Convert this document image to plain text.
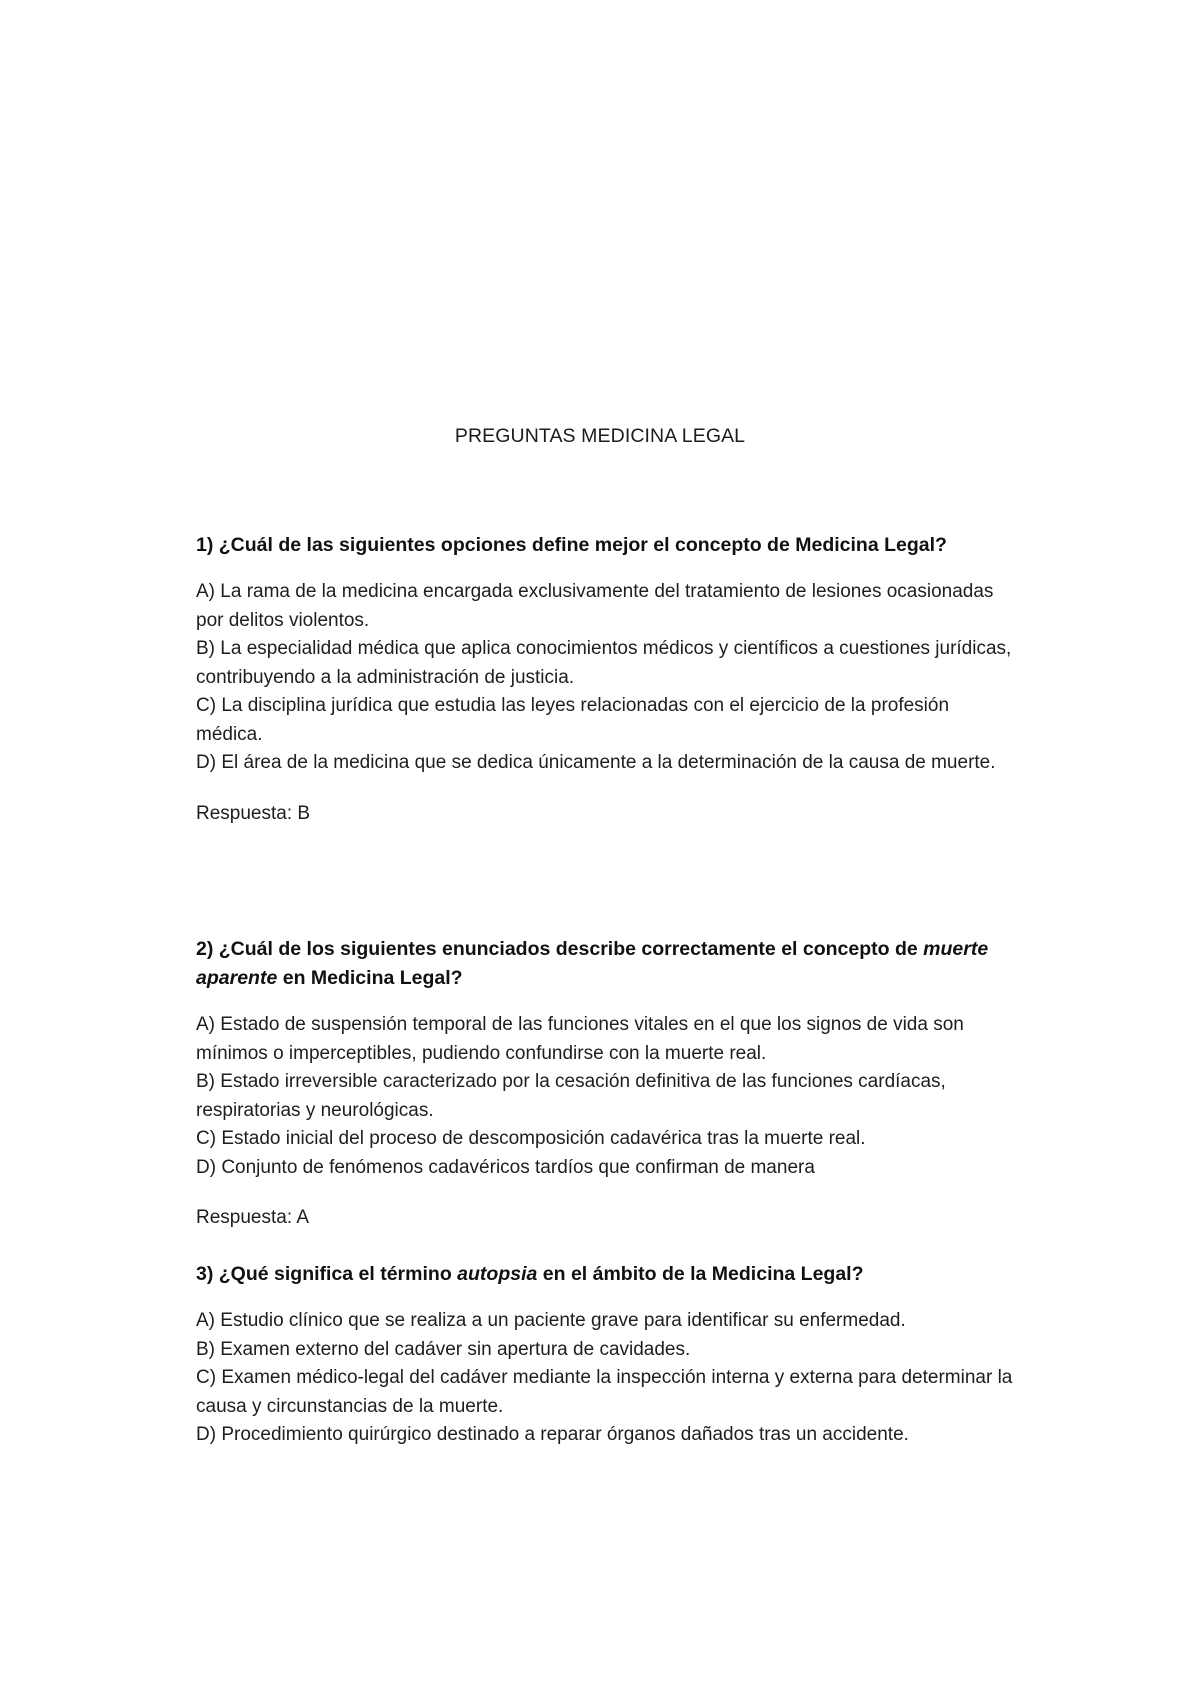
PREGUNTAS MEDICINA LEGAL

1) ¿Cuál de las siguientes opciones define mejor el concepto de Medicina Legal?

A) La rama de la medicina encargada exclusivamente del tratamiento de lesiones ocasionadas por delitos violentos.
B) La especialidad médica que aplica conocimientos médicos y científicos a cuestiones jurídicas, contribuyendo a la administración de justicia.
C) La disciplina jurídica que estudia las leyes relacionadas con el ejercicio de la profesión médica.
D) El área de la medicina que se dedica únicamente a la determinación de la causa de muerte.

Respuesta: B

2) ¿Cuál de los siguientes enunciados describe correctamente el concepto de muerte aparente en Medicina Legal?

A) Estado de suspensión temporal de las funciones vitales en el que los signos de vida son mínimos o imperceptibles, pudiendo confundirse con la muerte real.
B) Estado irreversible caracterizado por la cesación definitiva de las funciones cardíacas, respiratorias y neurológicas.
C) Estado inicial del proceso de descomposición cadavérica tras la muerte real.
D) Conjunto de fenómenos cadavéricos tardíos que confirman de manera

Respuesta: A

3) ¿Qué significa el término autopsia en el ámbito de la Medicina Legal?

A) Estudio clínico que se realiza a un paciente grave para identificar su enfermedad.
B) Examen externo del cadáver sin apertura de cavidades.
C) Examen médico-legal del cadáver mediante la inspección interna y externa para determinar la causa y circunstancias de la muerte.
D) Procedimiento quirúrgico destinado a reparar órganos dañados tras un accidente.
